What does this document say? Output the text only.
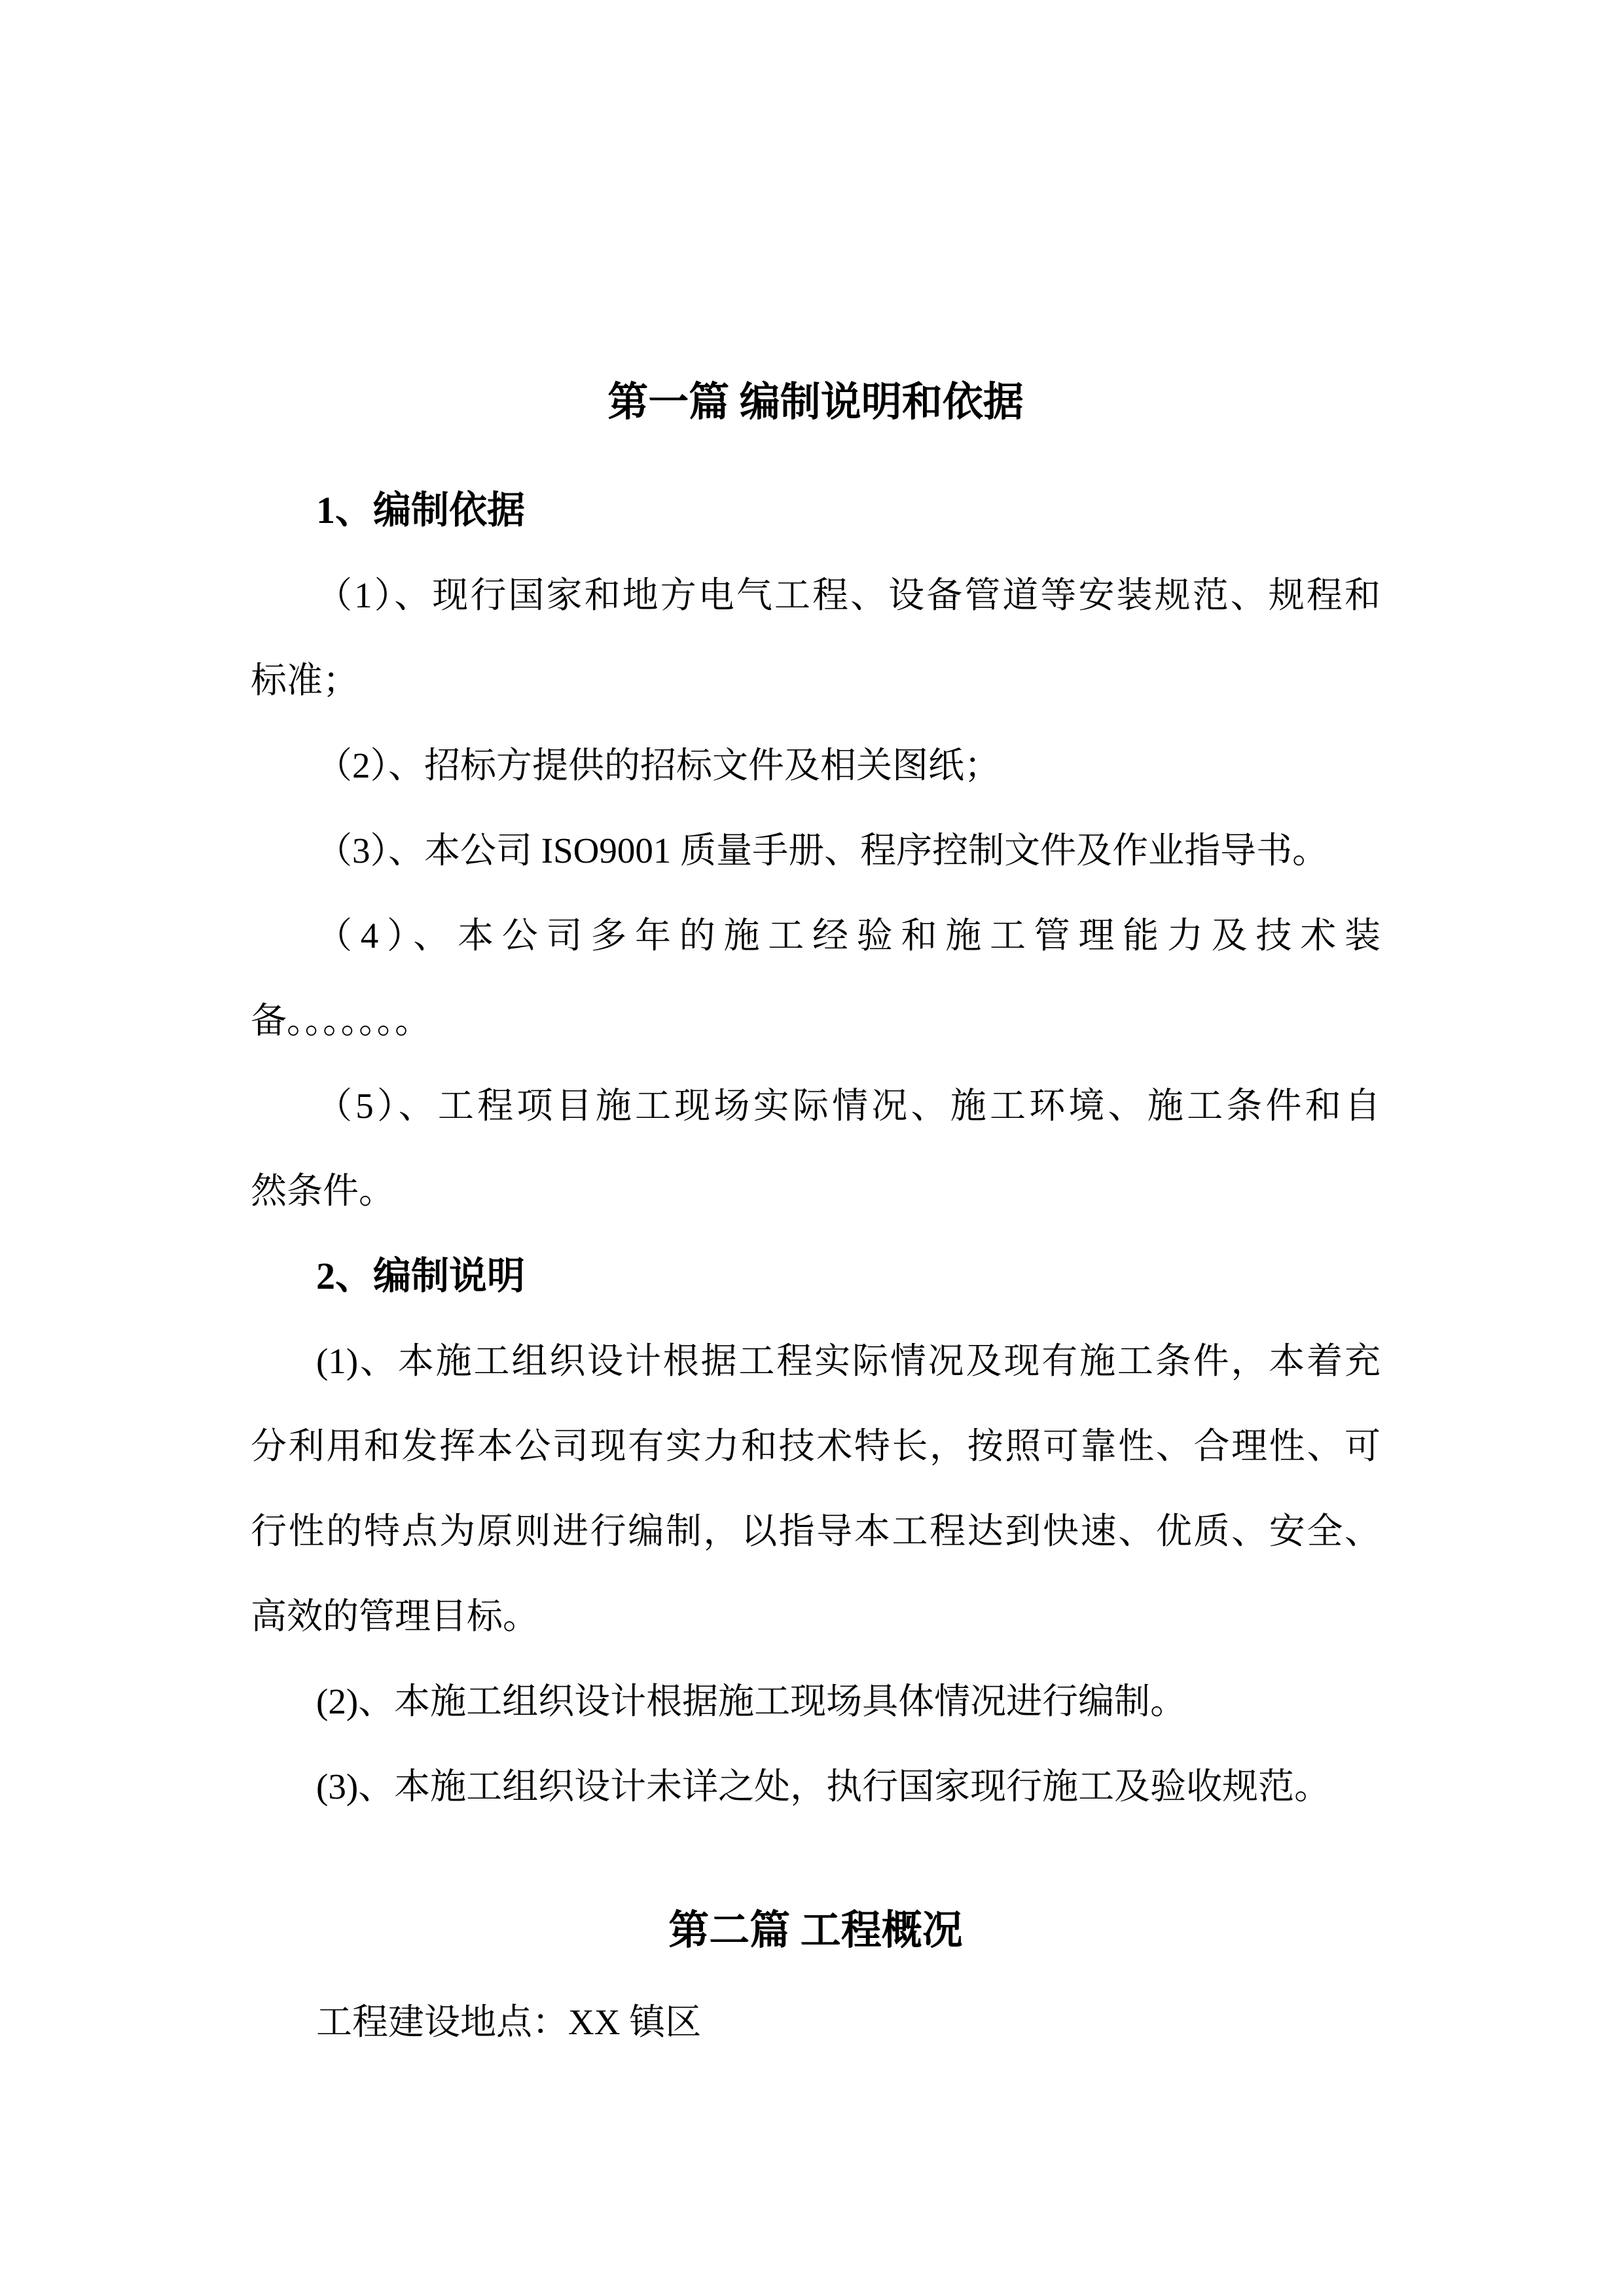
第一篇 编制说明和依据
1、编制依据

（1）、现行国家和地方电气工程、设备管道等安装规范、规程和

标准；

（2）、招标方提供的招标文件及相关图纸；

（3）、本公司 ISO9001 质量手册、程序控制文件及作业指导书。

（4）、本公司多年的施工经验和施工管理能力及技术装

备。。。。。。。

（5）、工程项目施工现场实际情况、施工环境、施工条件和自

然条件。

2、编制说明

(1)、本施工组织设计根据工程实际情况及现有施工条件，本着充

分利用和发挥本公司现有实力和技术特长，按照可靠性、合理性、可

行性的特点为原则进行编制，以指导本工程达到快速、优质、安全、

高效的管理目标。

(2)、本施工组织设计根据施工现场具体情况进行编制。

(3)、本施工组织设计未详之处，执行国家现行施工及验收规范。

第二篇 工程概况

工程建设地点：XX 镇区
